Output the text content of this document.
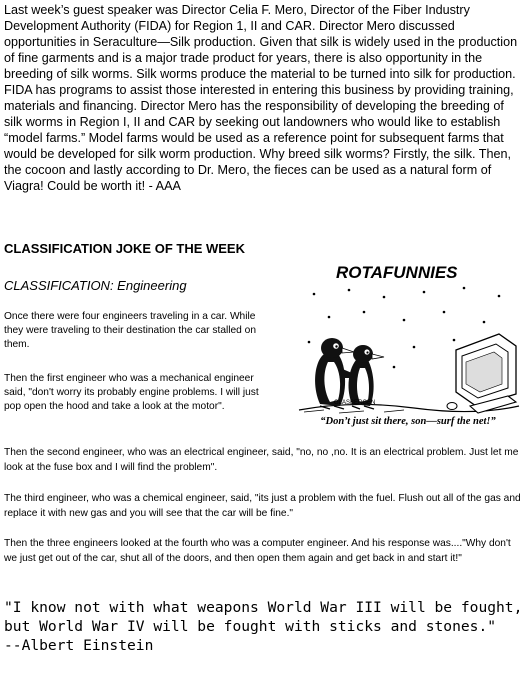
Last week’s guest speaker was Director Celia F. Mero, Director of the Fiber Industry Development Authority (FIDA) for Region 1, II and CAR. Director Mero discussed opportunities in Seraculture—Silk production. Given that silk is widely used in the production of fine garments and is a major trade product for years, there is also opportunity in the breeding of silk worms. Silk worms produce the material to be turned into silk for production. FIDA has programs to assist those interested in entering this business by providing training, materials and financing. Director Mero has the responsibility of developing the breeding of silk worms in Region I, II and CAR by seeking out landowners who would like to establish “model farms.” Model farms would be used as a reference point for subsequent farms that would be developed for silk worm production. Why breed silk worms? Firstly, the silk. Then, the cocoon and lastly according to Dr. Mero, the fieces can be used as a natural form of Viagra! Could be worth it! - AAA

CLASSIFICATION JOKE OF THE WEEK

CLASSIFICATION: Engineering

Once there were four engineers traveling in a car. While they were traveling to their destination the car stalled on them.

Then the first engineer who was a mechanical engineer said, "don't worry its probably engine problems. I will just pop open the hood and take a look at the motor".

Then the second engineer, who was an electrical engineer, said, "no, no ,no. It is an electrical problem. Just let me look at the fuse box and I will find the problem".

The third engineer, who was a chemical engineer, said, "its just a problem with the fuel. Flush out all of the gas and replace it with new gas and you will see that the car will be fine."

Then the three engineers looked at the fourth who was a computer engineer. And his response was...."Why don't we just get out of the car, shut all of the doors, and then open them again and get back in and start it!"

ROTAFUNNIES

GLASBERGEN

“Don’t just sit there, son—surf the net!”

"I know not with what weapons World War III will be fought,
but World War IV will be fought with sticks and stones."
--Albert Einstein
